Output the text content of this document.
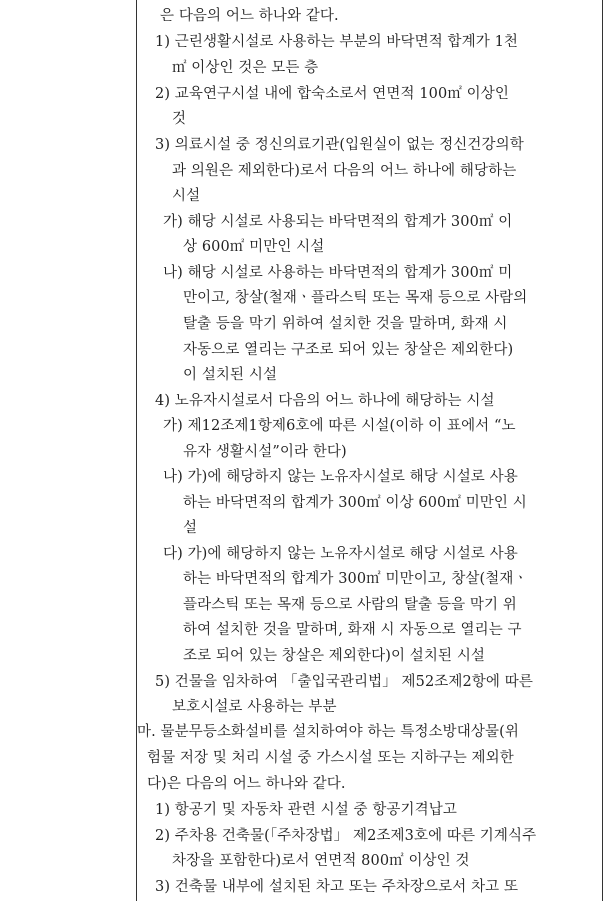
은 다음의 어느 하나와 같다.
1) 근린생활시설로 사용하는 부분의 바닥면적 합계가 1천
㎡ 이상인 것은 모든 층
2) 교육연구시설 내에 합숙소로서 연면적 100㎡ 이상인
것
3) 의료시설 중 정신의료기관(입원실이 없는 정신건강의학
과 의원은 제외한다)로서 다음의 어느 하나에 해당하는
시설
가) 해당 시설로 사용되는 바닥면적의 합계가 300㎡ 이
상 600㎡ 미만인 시설
나) 해당 시설로 사용하는 바닥면적의 합계가 300㎡ 미
만이고, 창살(철재ㆍ플라스틱 또는 목재 등으로 사람의
탈출 등을 막기 위하여 설치한 것을 말하며, 화재 시
자동으로 열리는 구조로 되어 있는 창살은 제외한다)
이 설치된 시설
4) 노유자시설로서 다음의 어느 하나에 해당하는 시설
가) 제12조제1항제6호에 따른 시설(이하 이 표에서 “노
유자 생활시설”이라 한다)
나) 가)에 해당하지 않는 노유자시설로 해당 시설로 사용
하는 바닥면적의 합계가 300㎡ 이상 600㎡ 미만인 시
설
다) 가)에 해당하지 않는 노유자시설로 해당 시설로 사용
하는 바닥면적의 합계가 300㎡ 미만이고, 창살(철재ㆍ
플라스틱 또는 목재 등으로 사람의 탈출 등을 막기 위
하여 설치한 것을 말하며, 화재 시 자동으로 열리는 구
조로 되어 있는 창살은 제외한다)이 설치된 시설
5) 건물을 임차하여 「출입국관리법」 제52조제2항에 따른
보호시설로 사용하는 부분
마. 물분무등소화설비를 설치하여야 하는 특정소방대상물(위
험물 저장 및 처리 시설 중 가스시설 또는 지하구는 제외한
다)은 다음의 어느 하나와 같다.
1) 항공기 및 자동차 관련 시설 중 항공기격납고
2) 주차용 건축물(「주차장법」 제2조제3호에 따른 기계식주
차장을 포함한다)로서 연면적 800㎡ 이상인 것
3) 건축물 내부에 설치된 차고 또는 주차장으로서 차고 또
